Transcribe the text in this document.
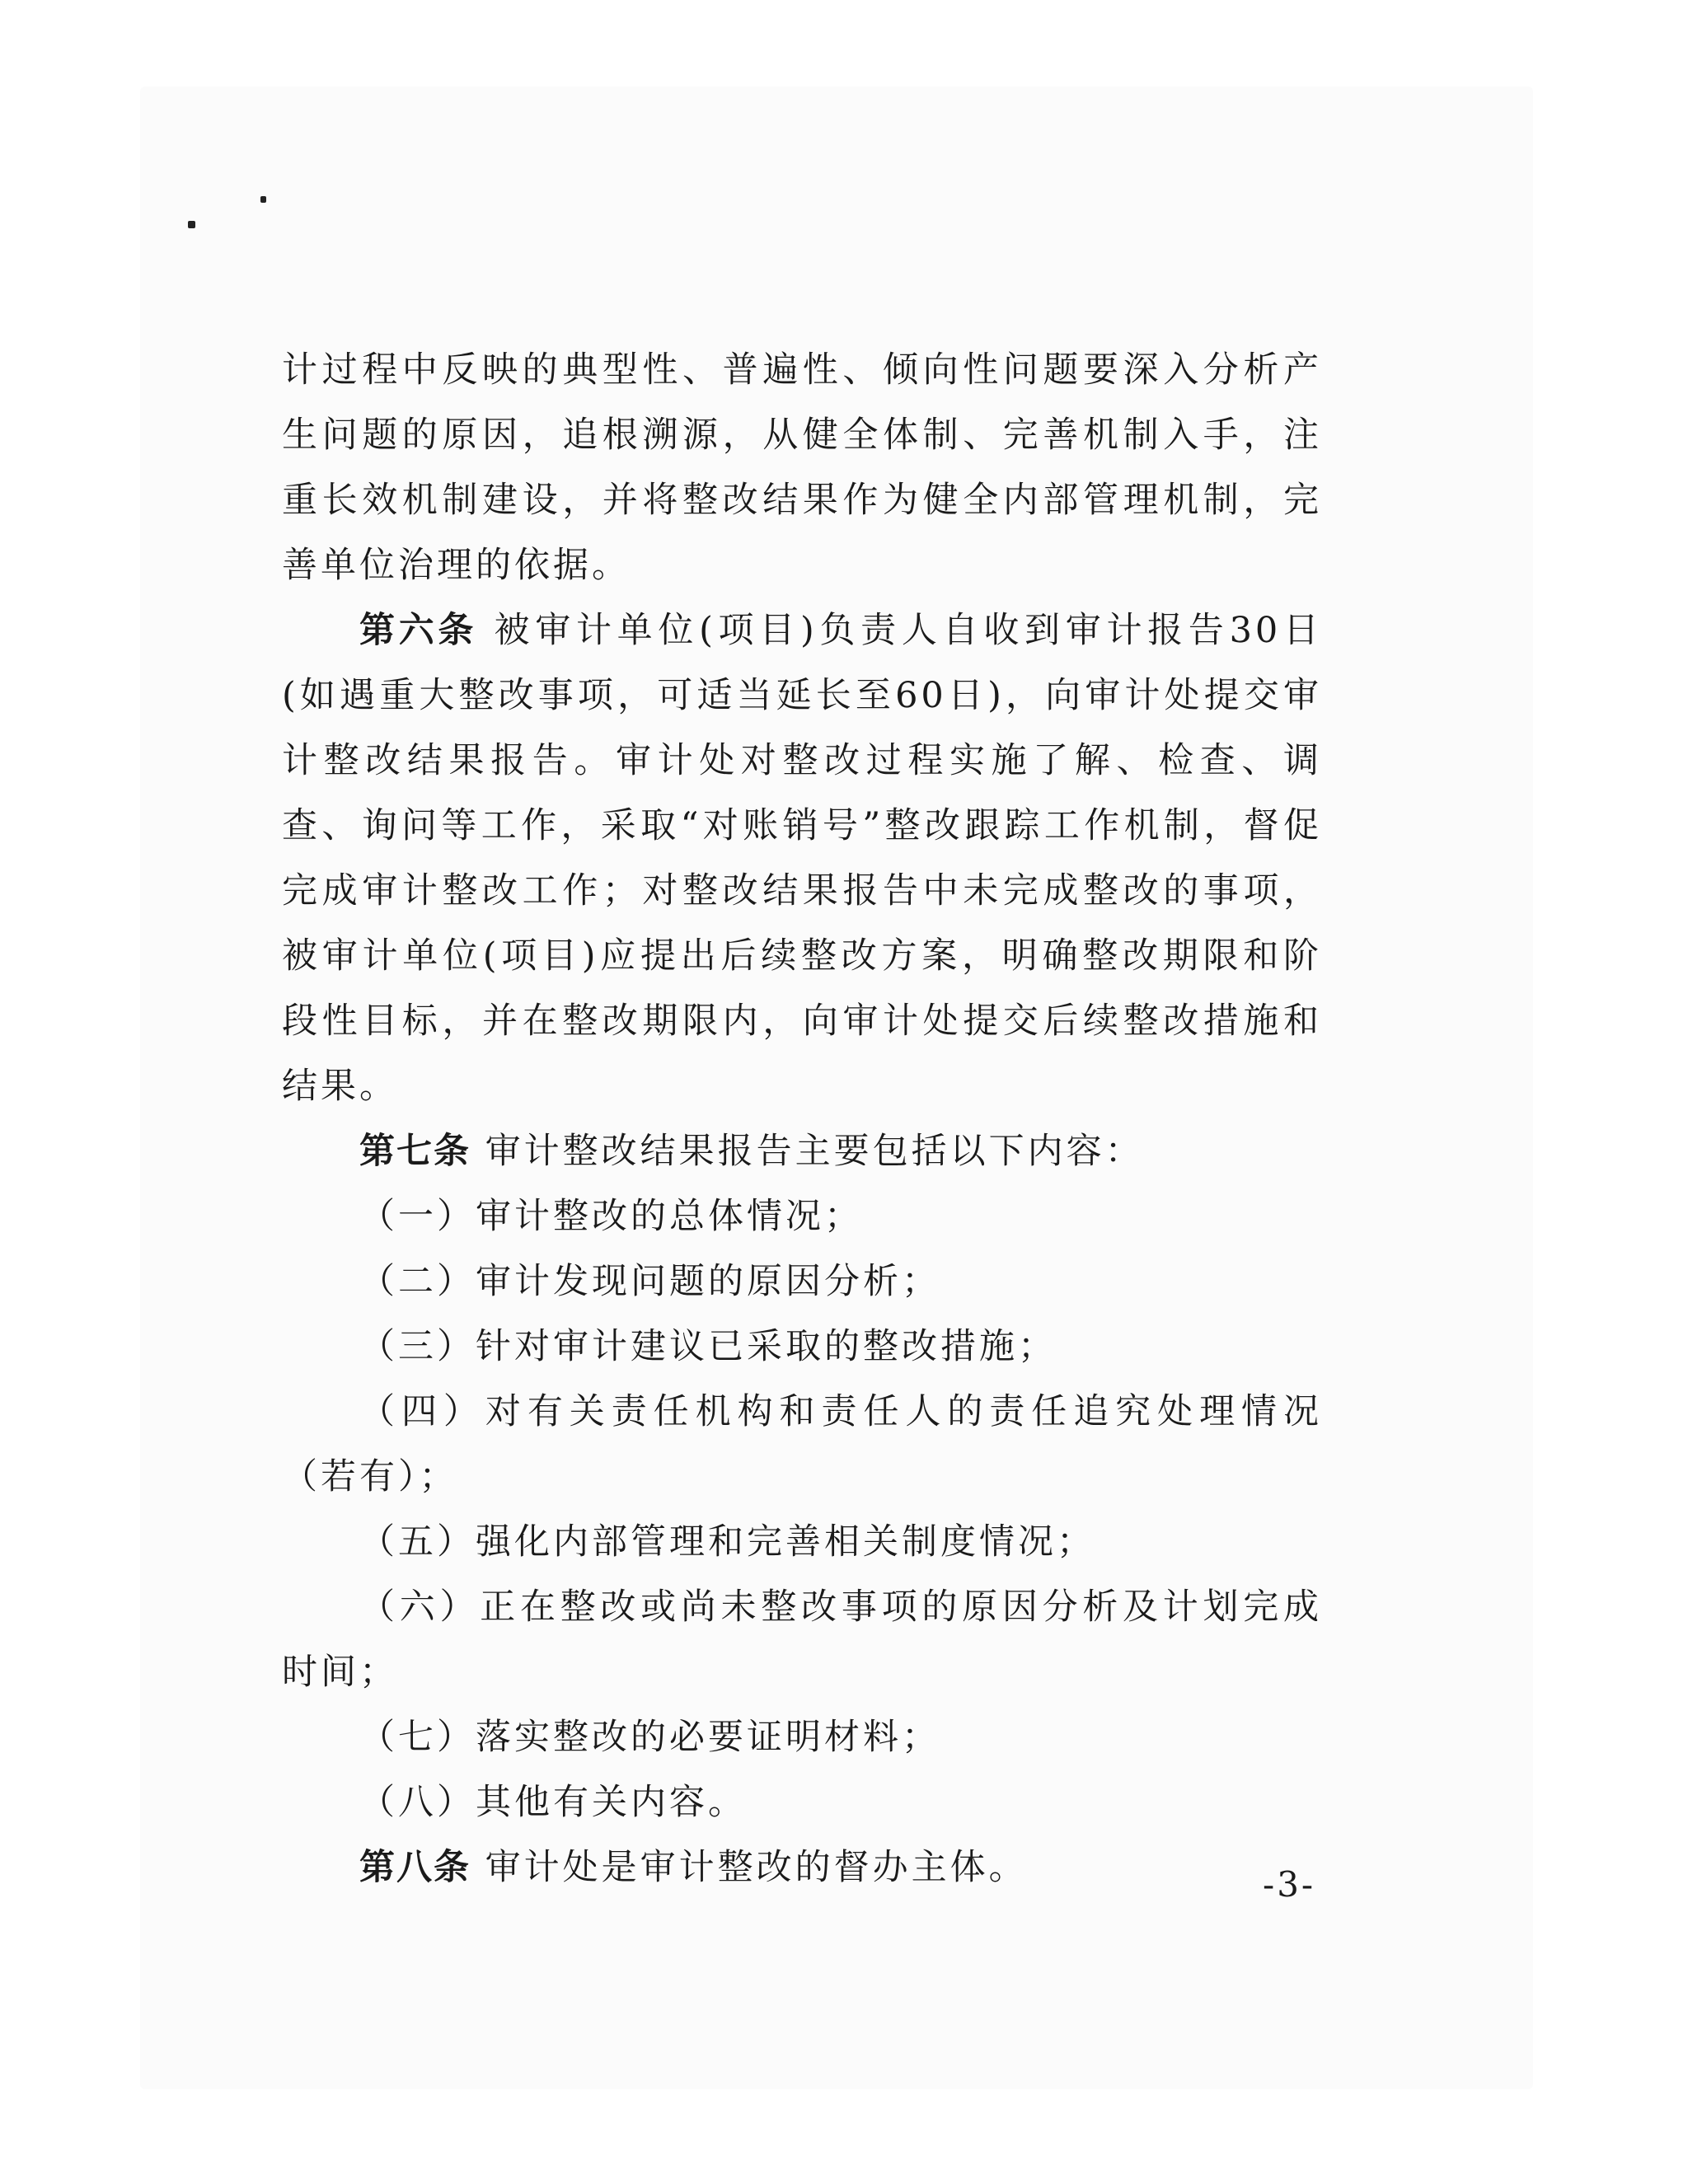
计过程中反映的典型性、普遍性、倾向性问题要深入分析产生问题的原因，追根溯源，从健全体制、完善机制入手，注重长效机制建设，并将整改结果作为健全内部管理机制，完善单位治理的依据。

第六条 被审计单位(项目)负责人自收到审计报告30日(如遇重大整改事项，可适当延长至60日)，向审计处提交审计整改结果报告。审计处对整改过程实施了解、检查、调查、询问等工作，采取“对账销号”整改跟踪工作机制，督促完成审计整改工作；对整改结果报告中未完成整改的事项，被审计单位(项目)应提出后续整改方案，明确整改期限和阶段性目标，并在整改期限内，向审计处提交后续整改措施和结果。

第七条 审计整改结果报告主要包括以下内容：

（一）审计整改的总体情况；

（二）审计发现问题的原因分析；

（三）针对审计建议已采取的整改措施；

（四）对有关责任机构和责任人的责任追究处理情况（若有）；

（五）强化内部管理和完善相关制度情况；

（六）正在整改或尚未整改事项的原因分析及计划完成时间；

（七）落实整改的必要证明材料；

（八）其他有关内容。

第八条 审计处是审计整改的督办主体。	-3-
